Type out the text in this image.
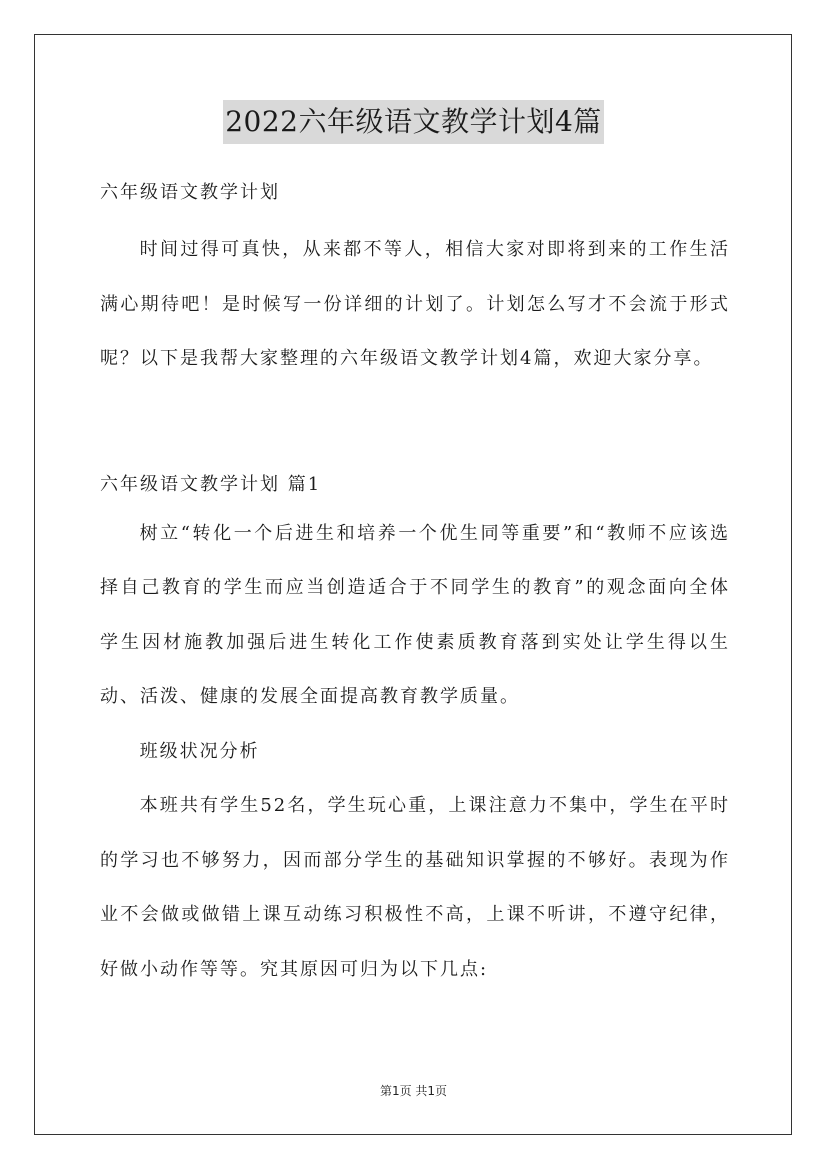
2022六年级语文教学计划4篇

六年级语文教学计划

时间过得可真快，从来都不等人，相信大家对即将到来的工作生活满心期待吧！是时候写一份详细的计划了。计划怎么写才不会流于形式呢？以下是我帮大家整理的六年级语文教学计划4篇，欢迎大家分享。

六年级语文教学计划 篇1

树立“转化一个后进生和培养一个优生同等重要”和“教师不应该选择自己教育的学生而应当创造适合于不同学生的教育”的观念面向全体学生因材施教加强后进生转化工作使素质教育落到实处让学生得以生动、活泼、健康的发展全面提高教育教学质量。

班级状况分析

本班共有学生52名，学生玩心重，上课注意力不集中，学生在平时的学习也不够努力，因而部分学生的基础知识掌握的不够好。表现为作业不会做或做错上课互动练习积极性不高，上课不听讲，不遵守纪律，好做小动作等等。究其原因可归为以下几点:

第1页 共1页
